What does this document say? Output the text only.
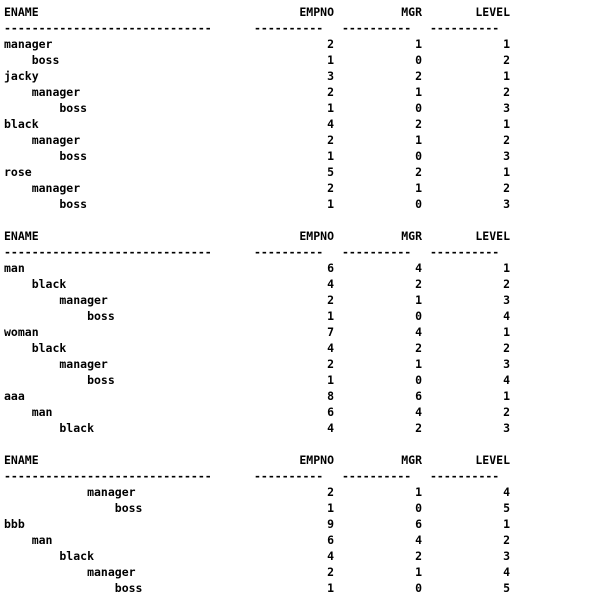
ENAME	EMPNO	MGR	LEVEL
------------------------------	---------- ---------- ----------
manager	2	1	1
boss	1	0	2
jacky	3	2	1
manager	2	1	2
boss	1	0	3
black	4	2	1
manager	2	1	2
boss	1	0	3
rose	5	2	1
manager	2	1	2
boss	1	0	3
ENAME	EMPNO	MGR	LEVEL
------------------------------	---------- ---------- ----------
man	6	4	1
black	4	2	2
manager	2	1	3
boss	1	0	4
woman	7	4	1
black	4	2	2
manager	2	1	3
boss	1	0	4
aaa	8	6	1
man	6	4	2
black	4	2	3
ENAME	EMPNO	MGR	LEVEL
------------------------------	---------- ---------- ----------
manager	2	1	4
boss	1	0	5
bbb	9	6	1
man	6	4	2
black	4	2	3
manager	2	1	4
boss	1	0	5
